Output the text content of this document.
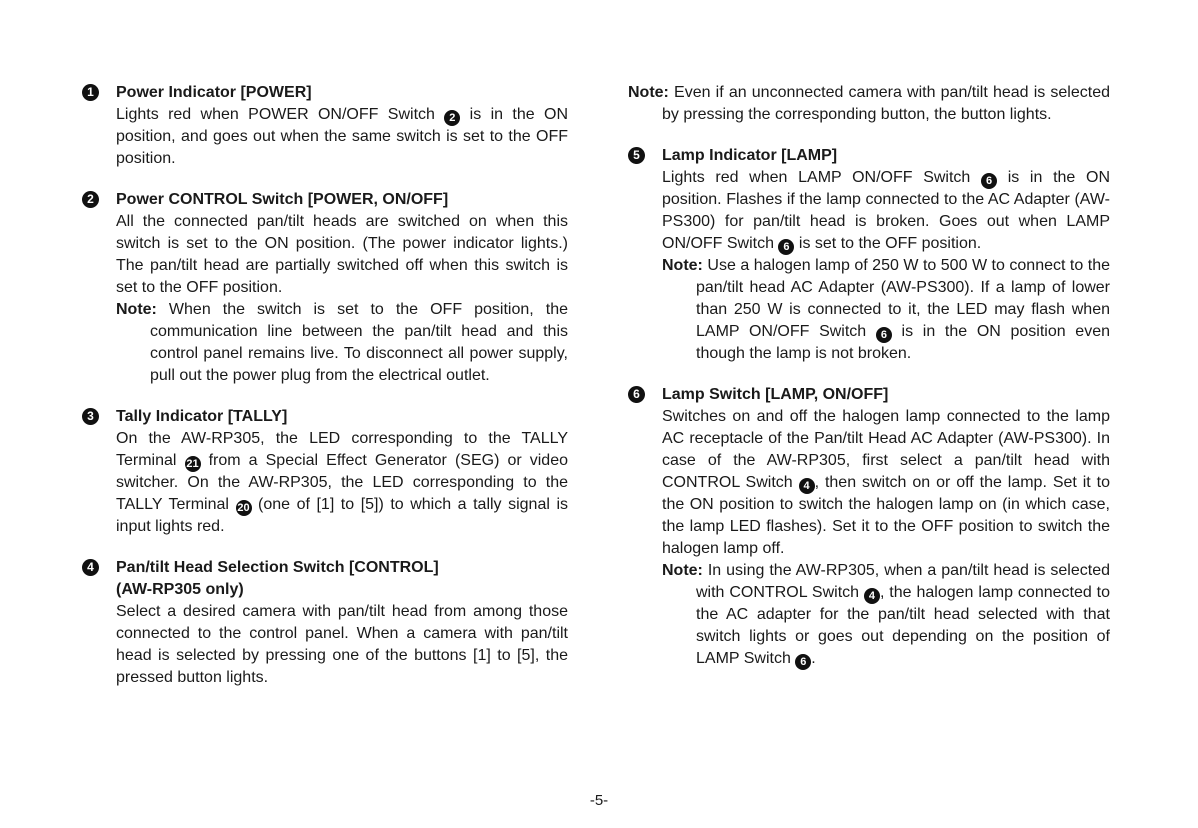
1	Power Indicator [POWER]
Lights red when POWER ON/OFF Switch 2 is in the ON position, and goes out when the same switch is set to the OFF position.
2	Power CONTROL Switch [POWER, ON/OFF]
All the connected pan/tilt heads are switched on when this switch is set to the ON position. (The power indicator lights.) The pan/tilt head are partially switched off when this switch is set to the OFF position.
Note: When the switch is set to the OFF position, the communication line between the pan/tilt head and this control panel remains live. To disconnect all power supply, pull out the power plug from the electrical outlet.
3	Tally Indicator [TALLY]
On the AW-RP305, the LED corresponding to the TALLY Terminal 21 from a Special Effect Generator (SEG) or video switcher. On the AW-RP305, the LED corresponding to the TALLY Terminal 20 (one of [1] to [5]) to which a tally signal is input lights red.
4	Pan/tilt Head Selection Switch [CONTROL]
(AW-RP305 only)
Select a desired camera with pan/tilt head from among those connected to the control panel. When a camera with pan/tilt head is selected by pressing one of the buttons [1] to [5], the pressed button lights.
Note: Even if an unconnected camera with pan/tilt head is selected by pressing the corresponding button, the button lights.
5	Lamp Indicator [LAMP]
Lights red when LAMP ON/OFF Switch 6 is in the ON position. Flashes if the lamp connected to the AC Adapter (AW-PS300) for pan/tilt head is broken. Goes out when LAMP ON/OFF Switch 6 is set to the OFF position.
Note: Use a halogen lamp of 250 W to 500 W to connect to the pan/tilt head AC Adapter (AW-PS300). If a lamp of lower than 250 W is connected to it, the LED may flash when LAMP ON/OFF Switch 6 is in the ON position even though the lamp is not broken.
6	Lamp Switch [LAMP, ON/OFF]
Switches on and off the halogen lamp connected to the lamp AC receptacle of the Pan/tilt Head AC Adapter (AW-PS300). In case of the AW-RP305, first select a pan/tilt head with CONTROL Switch 4 , then switch on or off the lamp. Set it to the ON position to switch the halogen lamp on (in which case, the lamp LED flashes). Set it to the OFF position to switch the halogen lamp off.
Note: In using the AW-RP305, when a pan/tilt head is selected with CONTROL Switch 4 , the halogen lamp connected to the AC adapter for the pan/tilt head selected with that switch lights or goes out depending on the position of LAMP Switch 6 .
-5-
